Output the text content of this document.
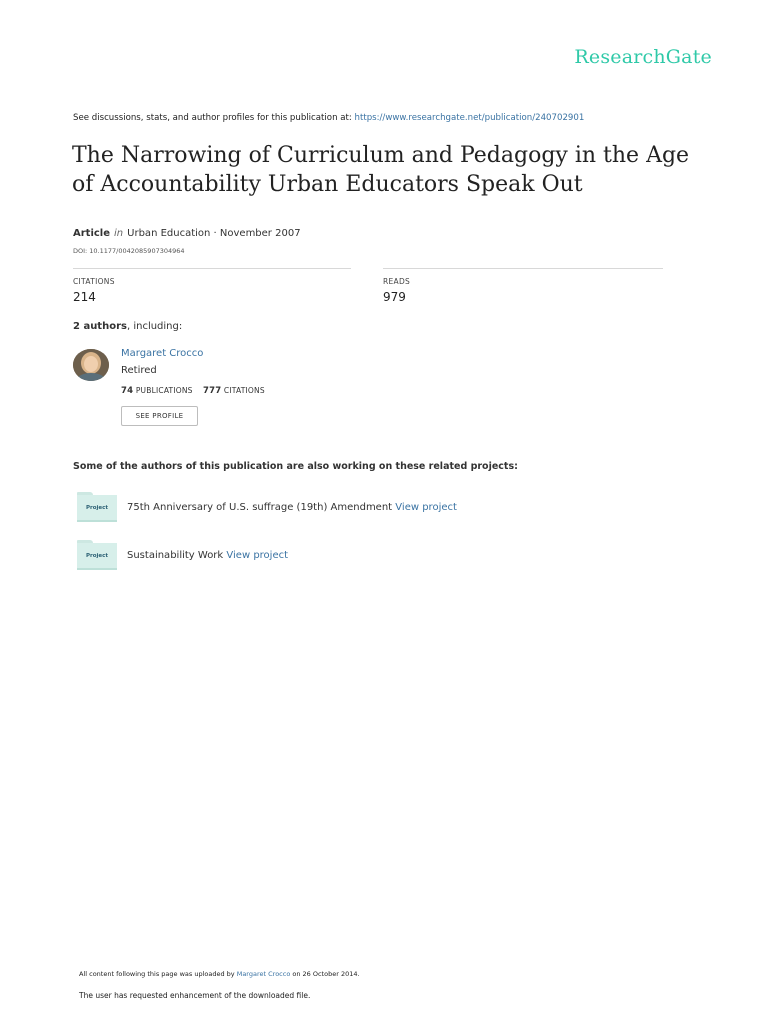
ResearchGate
See discussions, stats, and author profiles for this publication at: https://www.researchgate.net/publication/240702901
The Narrowing of Curriculum and Pedagogy in the Age of Accountability Urban Educators Speak Out
Article in Urban Education · November 2007
DOI: 10.1177/0042085907304964
CITATIONS
214
READS
979
2 authors, including:
Margaret Crocco
Retired
74 PUBLICATIONS 777 CITATIONS
SEE PROFILE
Some of the authors of this publication are also working on these related projects:
Project	75th Anniversary of U.S. suffrage (19th) Amendment View project
Project	Sustainability Work View project
All content following this page was uploaded by Margaret Crocco on 26 October 2014.
The user has requested enhancement of the downloaded file.
